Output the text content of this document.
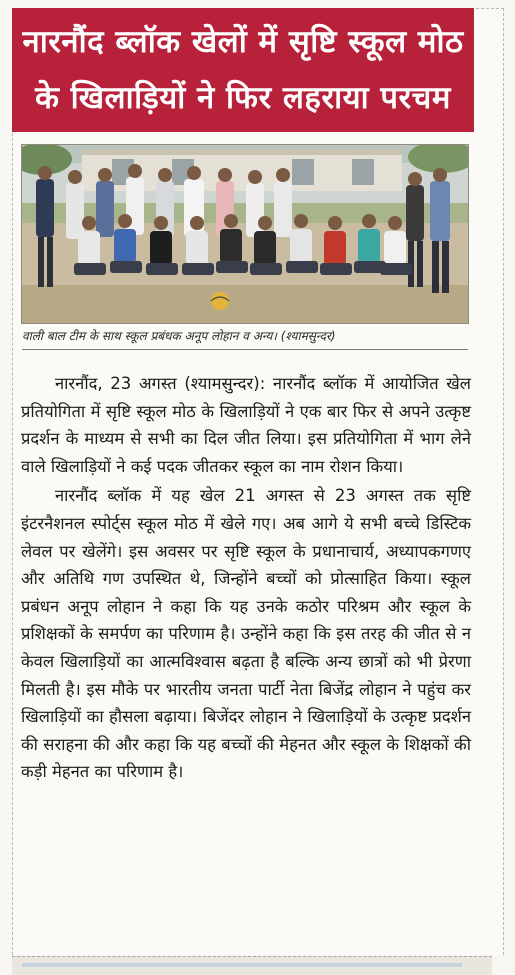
नारनौंद ब्लॉक खेलों में सृष्टि स्कूल मोठ
के खिलाड़ियों ने फिर लहराया परचम
वाली बाल टीम के साथ स्कूल प्रबंधक अनूप लोहान व अन्य। (श्यामसुन्दर)

नारनौंद, 23 अगस्त (श्यामसुन्दर): नारनौंद ब्लॉक में आयोजित खेल प्रतियोगिता में सृष्टि स्कूल मोठ के खिलाड़ियों ने एक बार फिर से अपने उत्कृष्ट प्रदर्शन के माध्यम से सभी का दिल जीत लिया। इस प्रतियोगिता में भाग लेने वाले खिलाड़ियों ने कई पदक जीतकर स्कूल का नाम रोशन किया।

नारनौंद ब्लॉक में यह खेल 21 अगस्त से 23 अगस्त तक सृष्टि इंटरनैशनल स्पोर्ट्स स्कूल मोठ में खेले गए। अब आगे ये सभी बच्चे डिस्टिक लेवल पर खेलेंगे। इस अवसर पर सृष्टि स्कूल के प्रधानाचार्य, अध्यापकगणए और अतिथि गण उपस्थित थे, जिन्होंने बच्चों को प्रोत्साहित किया। स्कूल प्रबंधन अनूप लोहान ने कहा कि यह उनके कठोर परिश्रम और स्कूल के प्रशिक्षकों के समर्पण का परिणाम है। उन्होंने कहा कि इस तरह की जीत से न केवल खिलाड़ियों का आत्मविश्वास बढ़ता है बल्कि अन्य छात्रों को भी प्रेरणा मिलती है। इस मौके पर भारतीय जनता पार्टी नेता बिजेंद्र लोहान ने पहुंच कर खिलाड़ियों का हौसला बढ़ाया। बिजेंदर लोहान ने खिलाड़ियों के उत्कृष्ट प्रदर्शन की सराहना की और कहा कि यह बच्चों की मेहनत और स्कूल के शिक्षकों की कड़ी मेहनत का परिणाम है।
